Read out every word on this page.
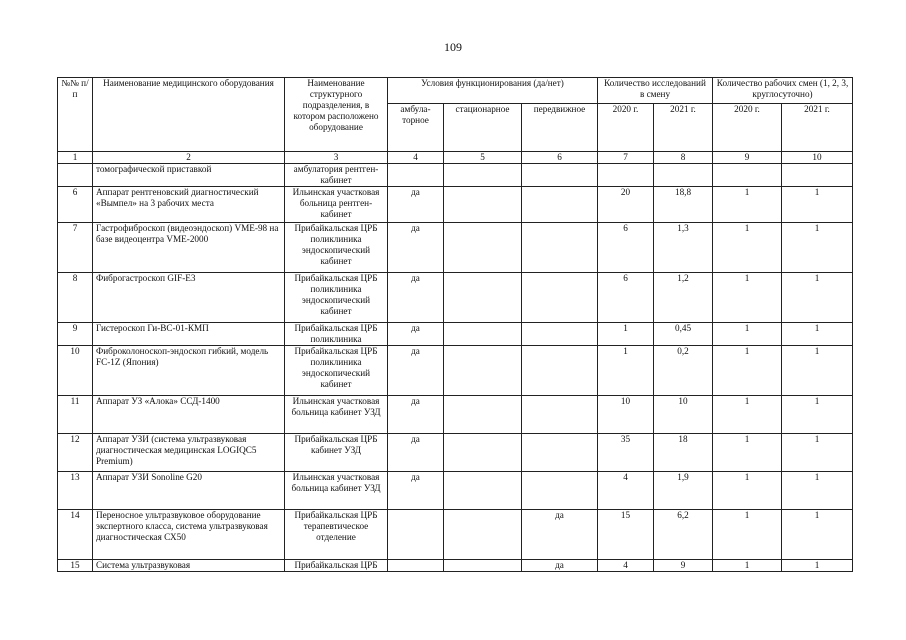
109
№№ п/п	Наименование медицинского оборудования	Наименование структурного подразделения, в котором расположено оборудование	Условия функционирования (да/нет)			Количество исследований в смену		Количество рабочих смен (1, 2, 3, круглосуточно)	
			амбула-торное	стационарное	передвижное	2020 г.	2021 г.	2020 г.	2021 г.
1	2	3	4	5	6	7	8	9	10
	томографической приставкой	амбулатория рентген-кабинет							
6	Аппарат рентгеновский диагностический «Вымпел» на 3 рабочих места	Ильинская участковая больница рентген-кабинет	да			20	18,8	1	1
7	Гастрофиброскоп (видеоэндоскоп) VME-98 на базе видеоцентра VME-2000	Прибайкальская ЦРБ поликлиника эндоскопический кабинет	да			6	1,3	1	1
8	Фиброгастроскоп GIF-E3	Прибайкальская ЦРБ поликлиника эндоскопический кабинет	да			6	1,2	1	1
9	Гистероскоп Ги-ВС-01-КМП	Прибайкальская ЦРБ поликлиника	да			1	0,45	1	1
10	Фиброколоноскоп-эндоскоп гибкий, модель FC-1Z (Япония)	Прибайкальская ЦРБ поликлиника эндоскопический кабинет	да			1	0,2	1	1
11	Аппарат УЗ «Алока» ССД-1400	Ильинская участковая больница кабинет УЗД	да			10	10	1	1
12	Аппарат УЗИ (система ультразвуковая диагностическая медицинская LOGIQC5 Premium)	Прибайкальская ЦРБ кабинет УЗД	да			35	18	1	1
13	Аппарат УЗИ Sonoline G20	Ильинская участковая больница кабинет УЗД	да			4	1,9	1	1
14	Переносное ультразвуковое оборудование экспертного класса, система ультразвуковая диагностическая СХ50	Прибайкальская ЦРБ терапевтическое отделение			да	15	6,2	1	1
15	Система ультразвуковая	Прибайкальская ЦРБ			да	4	9	1	1
